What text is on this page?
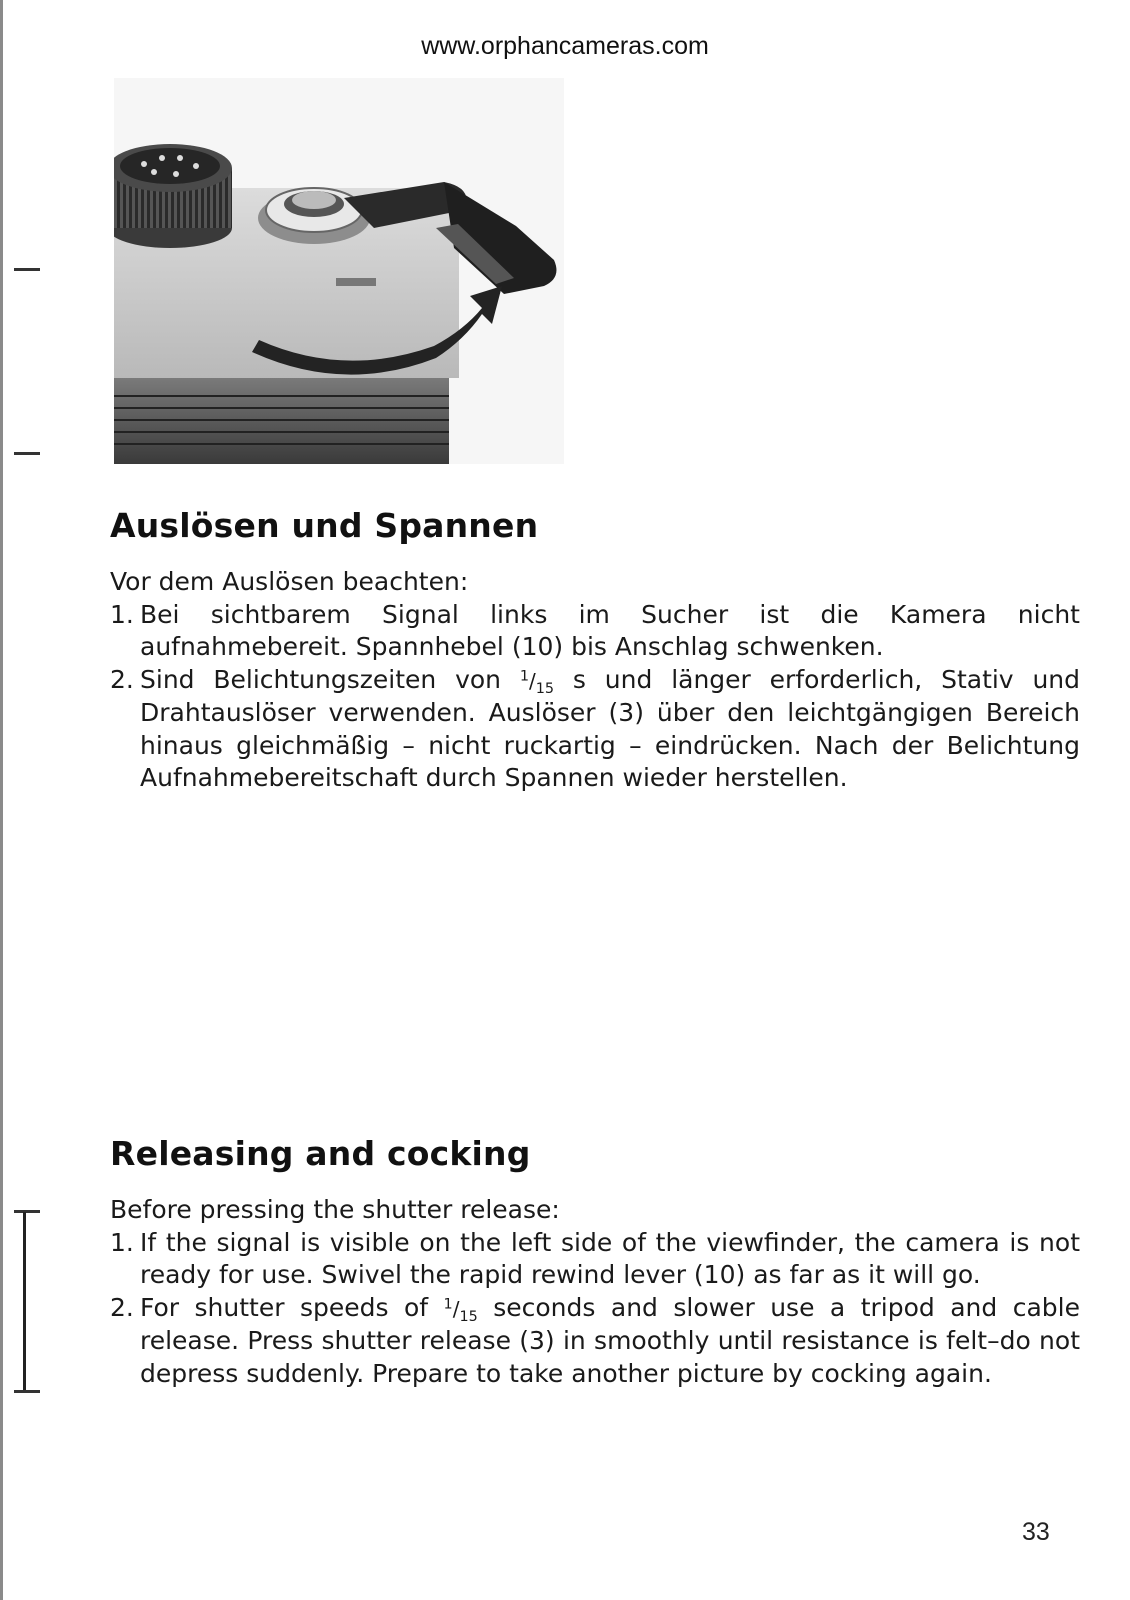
www.orphancameras.com
Auslösen und Spannen

Vor dem Auslösen beachten:

1. Bei sichtbarem Signal links im Sucher ist die Kamera nicht aufnahmebereit. Spannhebel (10) bis Anschlag schwenken.
2. Sind Belichtungszeiten von $^1/_{15}$ s und länger erforderlich, Stativ und Drahtauslöser verwenden. Auslöser (3) über den leichtgängigen Bereich hinaus gleichmäßig – nicht ruckartig – eindrücken. Nach der Belichtung Aufnahmebereitschaft durch Spannen wieder herstellen.
Releasing and cocking

Before pressing the shutter release:

1. If the signal is visible on the left side of the viewfinder, the camera is not ready for use. Swivel the rapid rewind lever (10) as far as it will go.
2. For shutter speeds of $^1/_{15}$ seconds and slower use a tripod and cable release. Press shutter release (3) in smoothly until resistance is felt–do not depress suddenly. Prepare to take another picture by cocking again.
33
